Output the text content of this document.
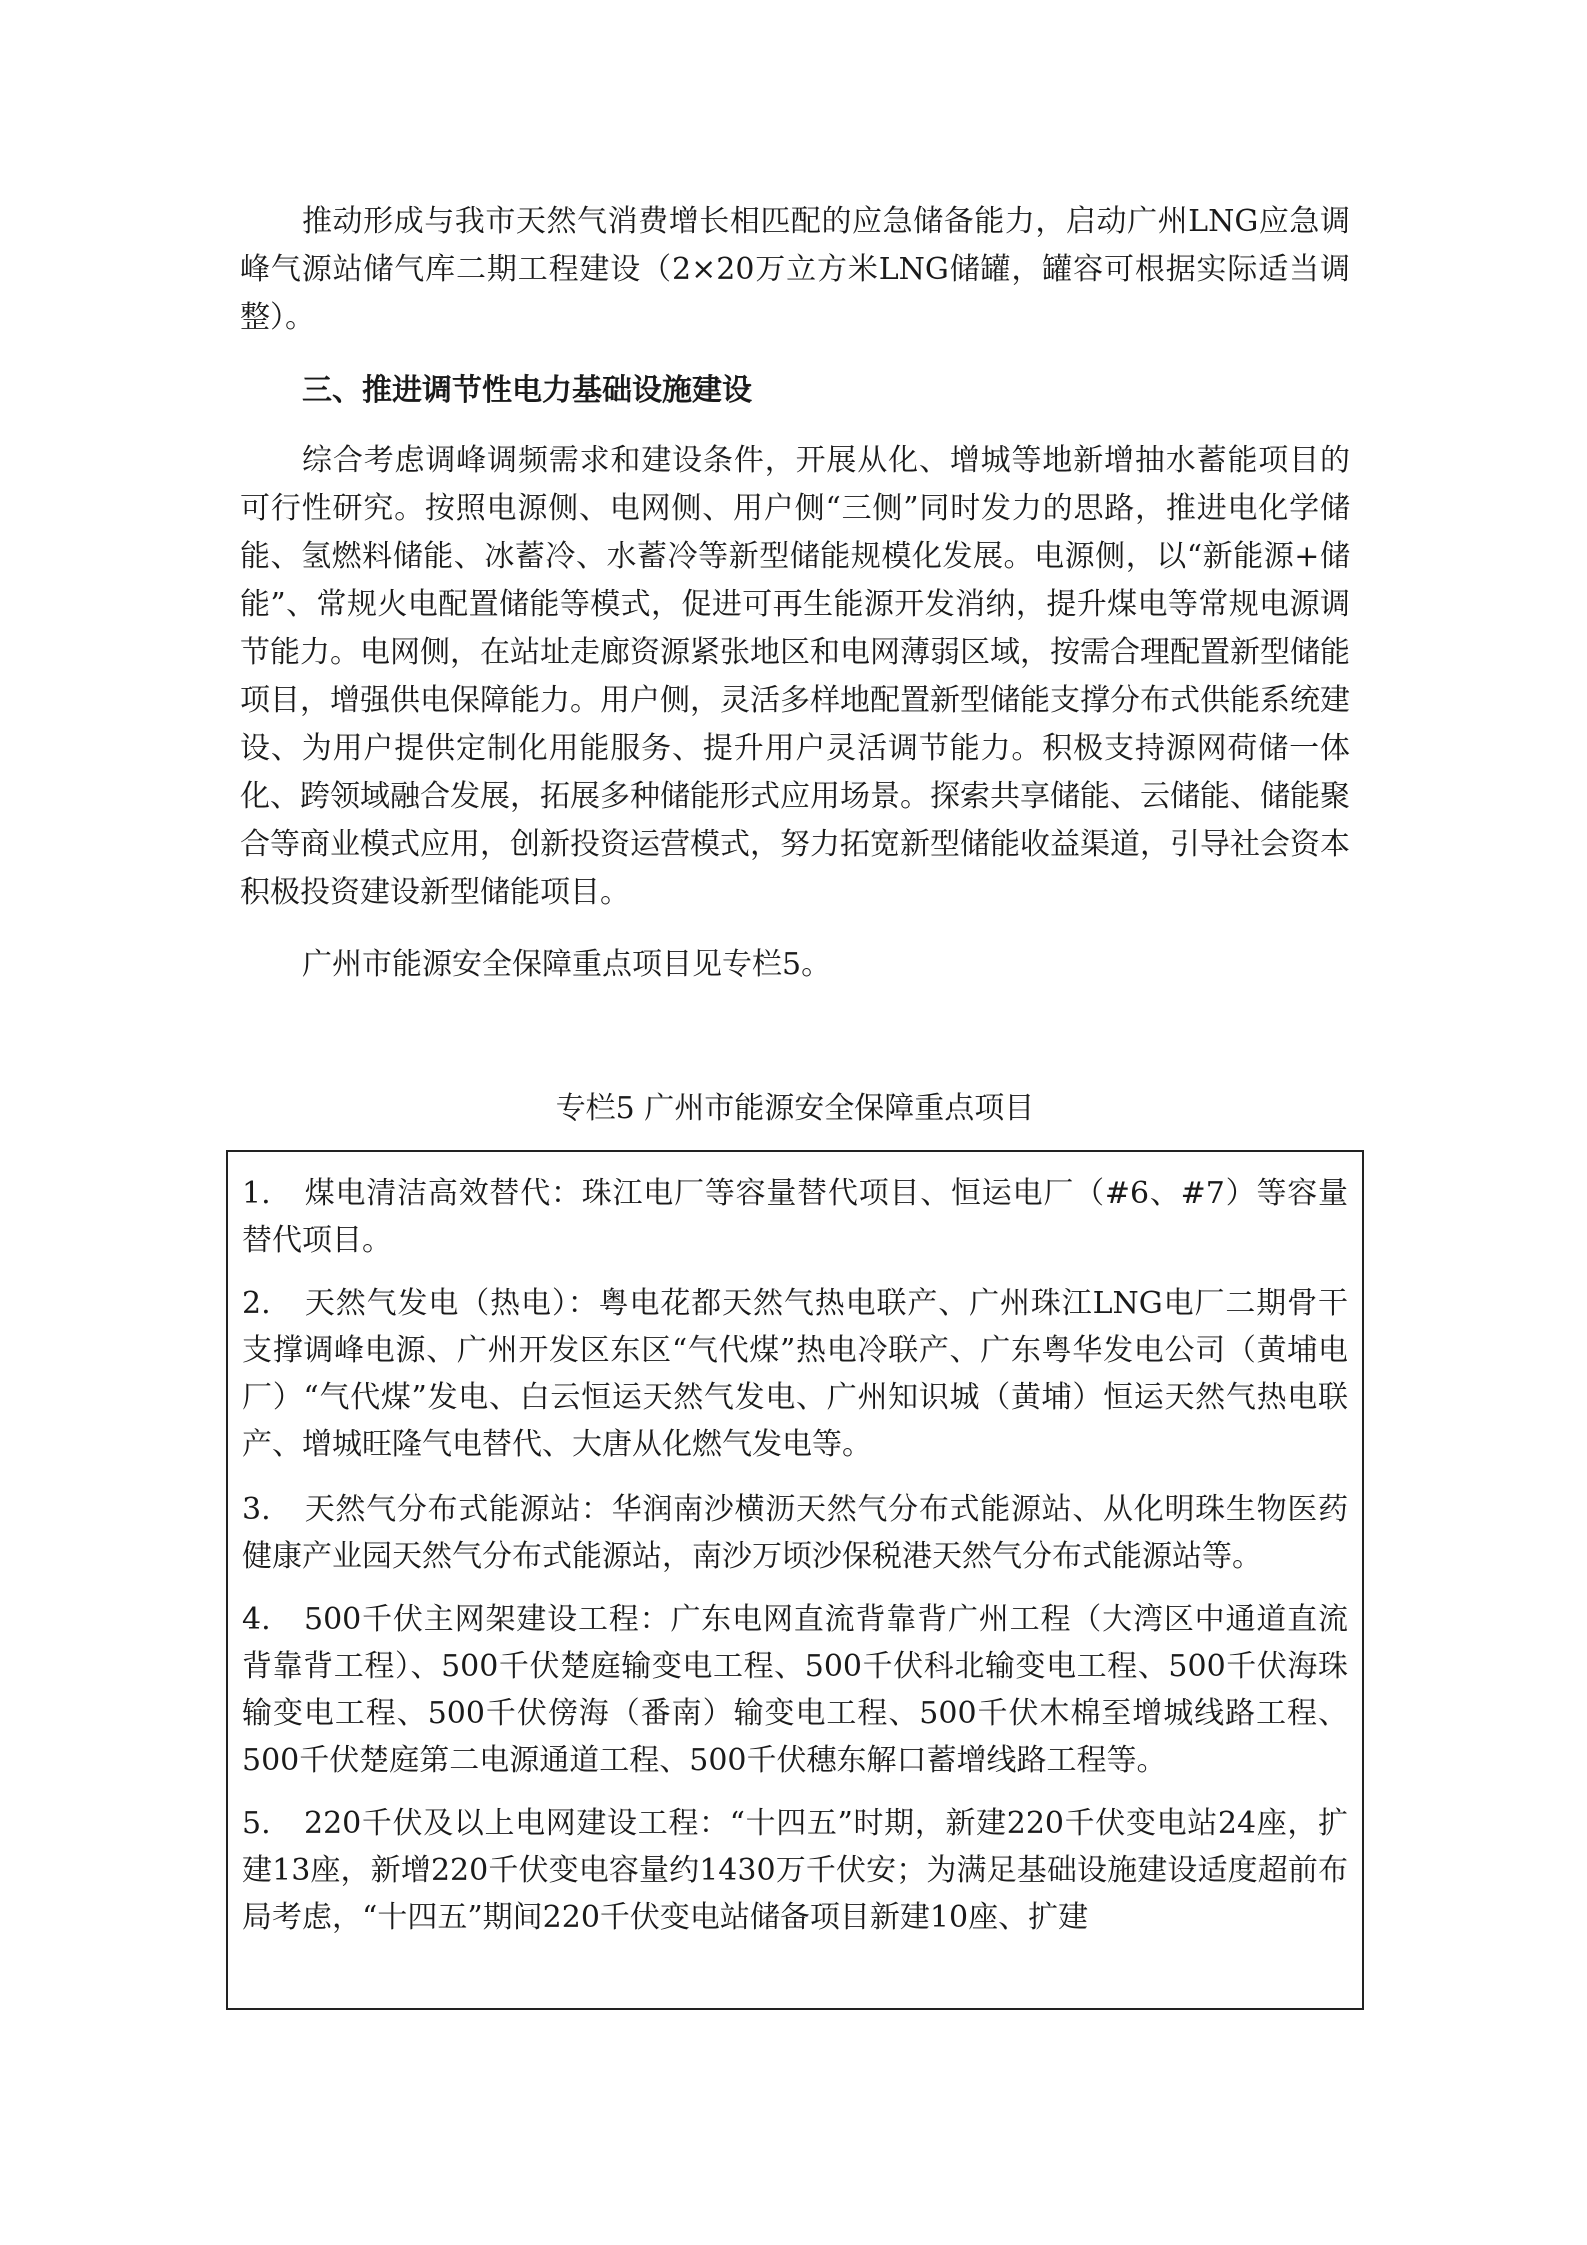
推动形成与我市天然气消费增长相匹配的应急储备能力，启动广州LNG应急调峰气源站储气库二期工程建设（2×20万立方米LNG储罐，罐容可根据实际适当调整）。

三、推进调节性电力基础设施建设

综合考虑调峰调频需求和建设条件，开展从化、增城等地新增抽水蓄能项目的可行性研究。按照电源侧、电网侧、用户侧“三侧”同时发力的思路，推进电化学储能、氢燃料储能、冰蓄冷、水蓄冷等新型储能规模化发展。电源侧，以“新能源+储能”、常规火电配置储能等模式，促进可再生能源开发消纳，提升煤电等常规电源调节能力。电网侧，在站址走廊资源紧张地区和电网薄弱区域，按需合理配置新型储能项目，增强供电保障能力。用户侧，灵活多样地配置新型储能支撑分布式供能系统建设、为用户提供定制化用能服务、提升用户灵活调节能力。积极支持源网荷储一体化、跨领域融合发展，拓展多种储能形式应用场景。探索共享储能、云储能、储能聚合等商业模式应用，创新投资运营模式，努力拓宽新型储能收益渠道，引导社会资本积极投资建设新型储能项目。

广州市能源安全保障重点项目见专栏5。

专栏5 广州市能源安全保障重点项目

1. 煤电清洁高效替代：珠江电厂等容量替代项目、恒运电厂（#6、#7）等容量替代项目。

2. 天然气发电（热电）：粤电花都天然气热电联产、广州珠江LNG电厂二期骨干支撑调峰电源、广州开发区东区“气代煤”热电冷联产、广东粤华发电公司（黄埔电厂）“气代煤”发电、白云恒运天然气发电、广州知识城（黄埔）恒运天然气热电联产、增城旺隆气电替代、大唐从化燃气发电等。

3. 天然气分布式能源站：华润南沙横沥天然气分布式能源站、从化明珠生物医药健康产业园天然气分布式能源站，南沙万顷沙保税港天然气分布式能源站等。

4. 500千伏主网架建设工程：广东电网直流背靠背广州工程（大湾区中通道直流背靠背工程）、500千伏楚庭输变电工程、500千伏科北输变电工程、500千伏海珠输变电工程、500千伏傍海（番南）输变电工程、500千伏木棉至增城线路工程、500千伏楚庭第二电源通道工程、500千伏穗东解口蓄增线路工程等。

5. 220千伏及以上电网建设工程：“十四五”时期，新建220千伏变电站24座，扩建13座，新增220千伏变电容量约1430万千伏安；为满足基础设施建设适度超前布局考虑，“十四五”期间220千伏变电站储备项目新建10座、扩建
